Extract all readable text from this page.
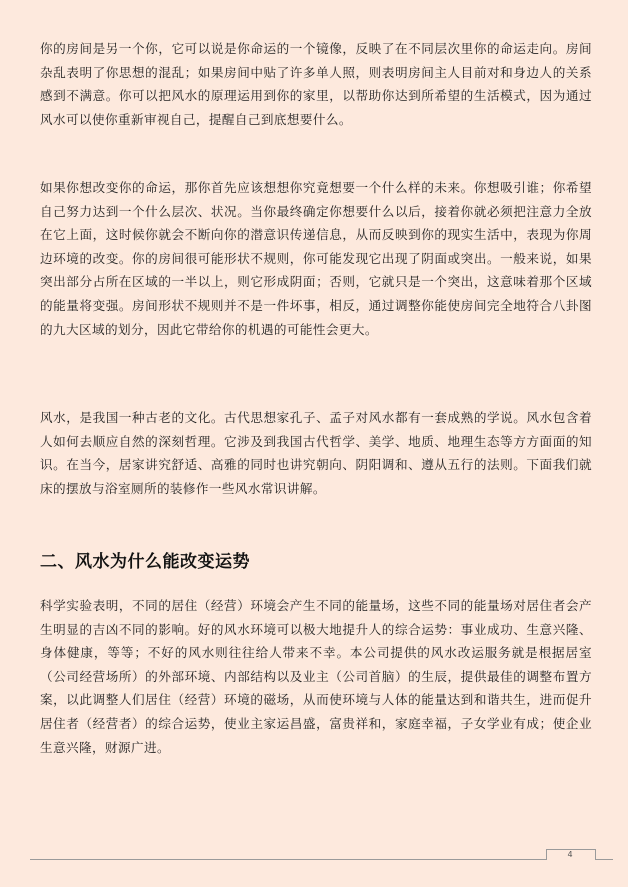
你的房间是另一个你，它可以说是你命运的一个镜像，反映了在不同层次里你的命运走向。房间杂乱表明了你思想的混乱；如果房间中贴了许多单人照，则表明房间主人目前对和身边人的关系感到不满意。你可以把风水的原理运用到你的家里，以帮助你达到所希望的生活模式，因为通过风水可以使你重新审视自己，提醒自己到底想要什么。

如果你想改变你的命运，那你首先应该想想你究竟想要一个什么样的未来。你想吸引谁；你希望自己努力达到一个什么层次、状况。当你最终确定你想要什么以后，接着你就必须把注意力全放在它上面，这时候你就会不断向你的潜意识传递信息，从而反映到你的现实生活中，表现为你周边环境的改变。你的房间很可能形状不规则，你可能发现它出现了阴面或突出。一般来说，如果突出部分占所在区域的一半以上，则它形成阴面；否则，它就只是一个突出，这意味着那个区域的能量将变强。房间形状不规则并不是一件坏事，相反，通过调整你能使房间完全地符合八卦图的九大区域的划分，因此它带给你的机遇的可能性会更大。

风水，是我国一种古老的文化。古代思想家孔子、孟子对风水都有一套成熟的学说。风水包含着人如何去顺应自然的深刻哲理。它涉及到我国古代哲学、美学、地质、地理生态等方方面面的知识。在当今，居家讲究舒适、高雅的同时也讲究朝向、阴阳调和、遵从五行的法则。下面我们就床的摆放与浴室厕所的装修作一些风水常识讲解。

二、风水为什么能改变运势

科学实验表明，不同的居住（经营）环境会产生不同的能量场，这些不同的能量场对居住者会产生明显的吉凶不同的影响。好的风水环境可以极大地提升人的综合运势：事业成功、生意兴隆、身体健康，等等；不好的风水则往往给人带来不幸。本公司提供的风水改运服务就是根据居室（公司经营场所）的外部环境、内部结构以及业主（公司首脑）的生辰，提供最佳的调整布置方案，以此调整人们居住（经营）环境的磁场，从而使环境与人体的能量达到和谐共生，进而促升居住者（经营者）的综合运势，使业主家运昌盛，富贵祥和，家庭幸福，子女学业有成；使企业生意兴隆，财源广进。

4
